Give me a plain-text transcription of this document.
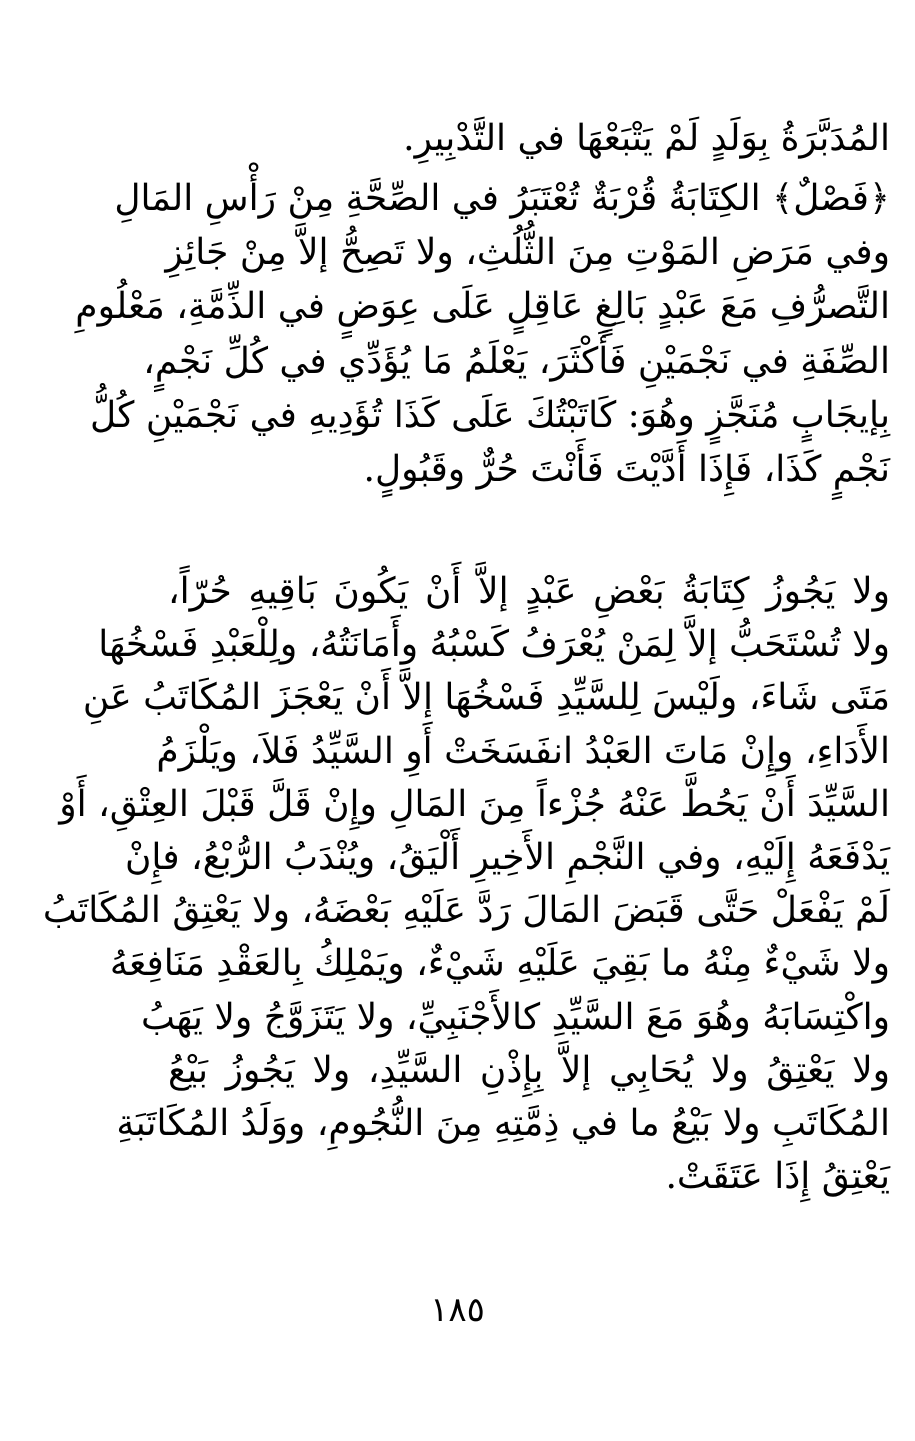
المُدَبَّرَةُ بِوَلَدٍ لَمْ يَتْبَعْهَا في التَّدْبِيرِ.
﴿فَصْلٌ﴾ الكِتَابَةُ قُرْبَةٌ تُعْتَبَرُ في الصِّحَّةِ مِنْ رَأْسِ المَالِ
وفي مَرَضِ المَوْتِ مِنَ الثُّلُثِ، ولا تَصِحُّ إلاَّ مِنْ جَائِزِ
التَّصرُّفِ مَعَ عَبْدٍ بَالِغٍ عَاقِلٍ عَلَى عِوَضٍ في الذِّمَّةِ، مَعْلُومِ
الصِّفَةِ في نَجْمَيْنِ فَأَكْثَرَ، يَعْلَمُ مَا يُؤَدِّي في كُلِّ نَجْمٍ،
بِإيجَابٍ مُنَجَّزٍ وهُوَ: كَاتَبْتُكَ عَلَى كَذَا تُؤَدِيهِ في نَجْمَيْنِ كُلُّ
نَجْمٍ كَذَا، فَإِذَا أَدَّيْتَ فَأَنْتَ حُرٌّ وقَبُولٍ.
ولا يَجُوزُ كِتَابَةُ بَعْضِ عَبْدٍ إلاَّ أَنْ يَكُونَ بَاقِيهِ حُرّاً،
ولا تُسْتَحَبُّ إلاَّ لِمَنْ يُعْرَفُ كَسْبُهُ وأَمَانَتُهُ، ولِلْعَبْدِ فَسْخُهَا
مَتَى شَاءَ، ولَيْسَ لِلسَّيِّدِ فَسْخُهَا إلاَّ أَنْ يَعْجَزَ المُكَاتَبُ عَنِ
الأَدَاءِ، وإِنْ مَاتَ العَبْدُ انفَسَخَتْ أَوِ السَّيِّدُ فَلاَ، ويَلْزَمُ
السَّيِّدَ أَنْ يَحُطَّ عَنْهُ جُزْءاً مِنَ المَالِ وإِنْ قَلَّ قَبْلَ العِتْقِ، أَوْ
يَدْفَعَهُ إِلَيْهِ، وفي النَّجْمِ الأَخِيرِ أَلْيَقُ، ويُنْدَبُ الرُّبْعُ، فإِنْ
لَمْ يَفْعَلْ حَتَّى قَبَضَ المَالَ رَدَّ عَلَيْهِ بَعْضَهُ، ولا يَعْتِقُ المُكَاتَبُ
ولا شَيْءٌ مِنْهُ ما بَقِيَ عَلَيْهِ شَيْءٌ، ويَمْلِكُ بِالعَقْدِ مَنَافِعَهُ
واكْتِسَابَهُ وهُوَ مَعَ السَّيِّدِ كالأَجْنَبِيِّ، ولا يَتَزَوَّجُ ولا يَهَبُ
ولا يَعْتِقُ ولا يُحَابِي إلاَّ بِإِذْنِ السَّيِّدِ، ولا يَجُوزُ بَيْعُ
المُكَاتَبِ ولا بَيْعُ ما في ذِمَّتِهِ مِنَ النُّجُومِ، ووَلَدُ المُكَاتَبَةِ
يَعْتِقُ إِذَا عَتَقَتْ.
١٨٥
